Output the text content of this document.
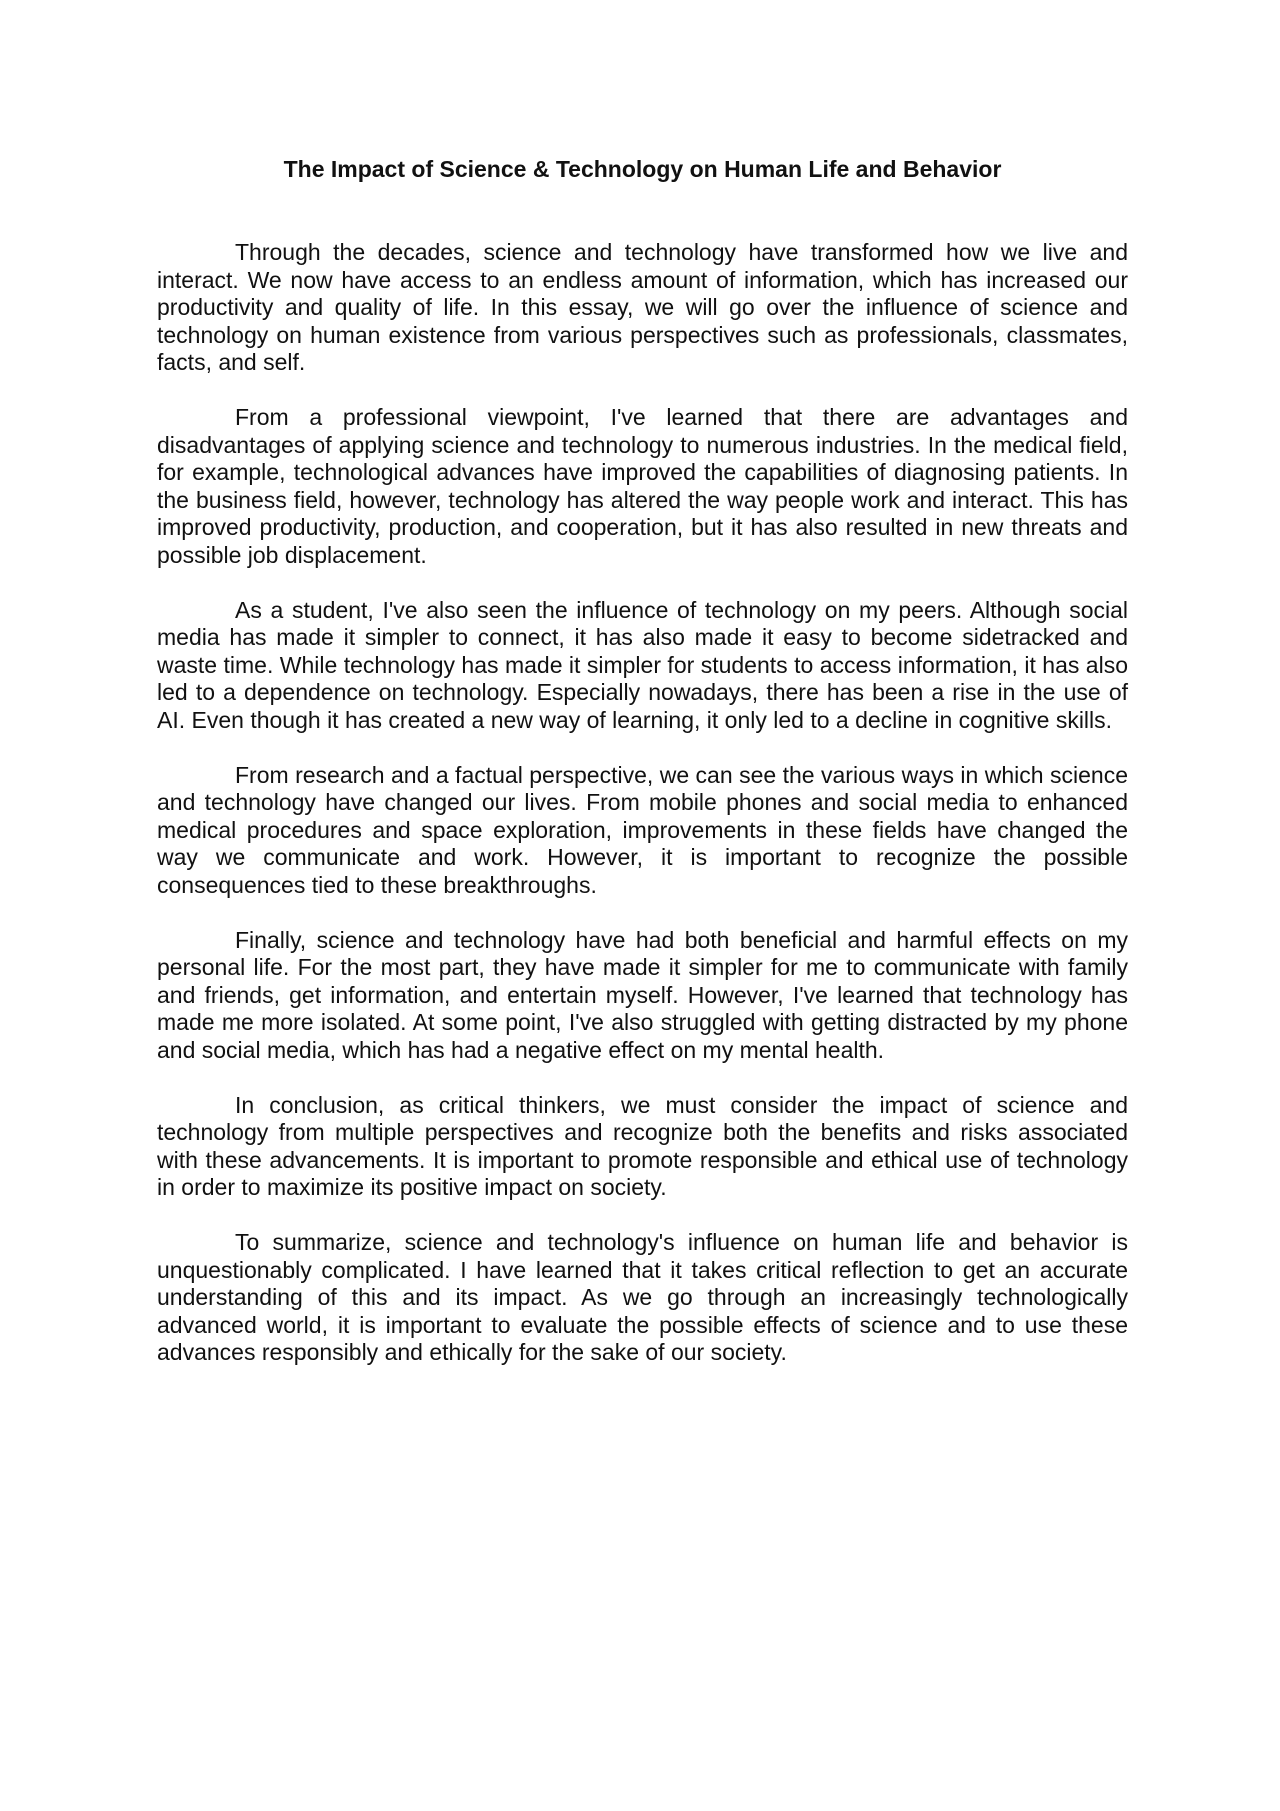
The Impact of Science & Technology on Human Life and Behavior

Through the decades, science and technology have transformed how we live and interact. We now have access to an endless amount of information, which has increased our productivity and quality of life. In this essay, we will go over the influence of science and technology on human existence from various perspectives such as professionals, classmates, facts, and self.

From a professional viewpoint, I've learned that there are advantages and disadvantages of applying science and technology to numerous industries. In the medical field, for example, technological advances have improved the capabilities of diagnosing patients. In the business field, however, technology has altered the way people work and interact. This has improved productivity, production, and cooperation, but it has also resulted in new threats and possible job displacement.

As a student, I've also seen the influence of technology on my peers. Although social media has made it simpler to connect, it has also made it easy to become sidetracked and waste time. While technology has made it simpler for students to access information, it has also led to a dependence on technology. Especially nowadays, there has been a rise in the use of AI. Even though it has created a new way of learning, it only led to a decline in cognitive skills.

From research and a factual perspective, we can see the various ways in which science and technology have changed our lives. From mobile phones and social media to enhanced medical procedures and space exploration, improvements in these fields have changed the way we communicate and work. However, it is important to recognize the possible consequences tied to these breakthroughs.

Finally, science and technology have had both beneficial and harmful effects on my personal life. For the most part, they have made it simpler for me to communicate with family and friends, get information, and entertain myself. However, I've learned that technology has made me more isolated. At some point, I've also struggled with getting distracted by my phone and social media, which has had a negative effect on my mental health.

In conclusion, as critical thinkers, we must consider the impact of science and technology from multiple perspectives and recognize both the benefits and risks associated with these advancements. It is important to promote responsible and ethical use of technology in order to maximize its positive impact on society.

To summarize, science and technology's influence on human life and behavior is unquestionably complicated. I have learned that it takes critical reflection to get an accurate understanding of this and its impact. As we go through an increasingly technologically advanced world, it is important to evaluate the possible effects of science and to use these advances responsibly and ethically for the sake of our society.
